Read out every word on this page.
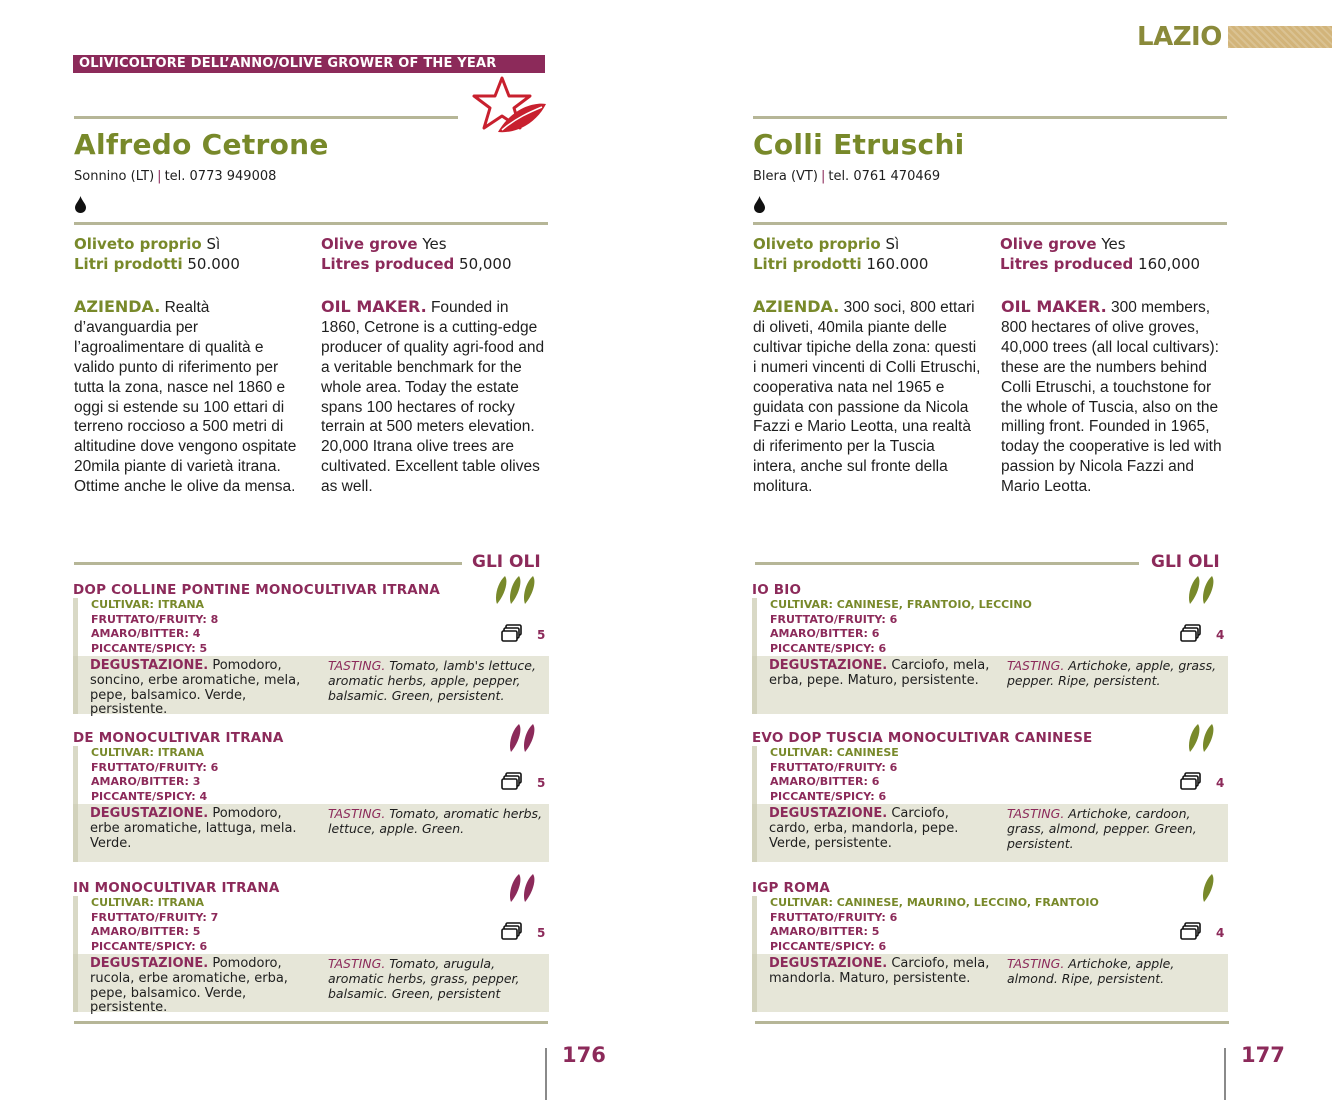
LAZIO
OLIVICOLTORE DELL’ANNO/OLIVE GROWER OF THE YEAR
Alfredo Cetrone
Sonnino (LT) | tel. 0773 949008
Oliveto proprio Sì
Litri prodotti 50.000
Olive grove Yes
Litres produced 50,000
AZIENDA. Realtà d’avanguardia per l’agroalimentare di qualità e valido punto di riferimento per tutta la zona, nasce nel 1860 e oggi si estende su 100 ettari di terreno roccioso a 500 metri di altitudine dove vengono ospitate 20mila piante di varietà itrana. Ottime anche le olive da mensa.
OIL MAKER. Founded in 1860, Cetrone is a cutting-edge producer of quality agri-food and a veritable benchmark for the whole area. Today the estate spans 100 hectares of rocky terrain at 500 meters elevation. 20,000 Itrana olive trees are cultivated. Excellent table olives as well.
GLI OLI
DOP COLLINE PONTINE MONOCULTIVAR ITRANA
CULTIVAR: ITRANA
FRUTTATO/FRUITY: 8
AMARO/BITTER: 4
PICCANTE/SPICY: 5
5
DEGUSTAZIONE. Pomodoro, soncino, erbe aromatiche, mela, pepe, balsamico. Verde, persistente.
TASTING. Tomato, lamb's lettuce, aromatic herbs, apple, pepper, balsamic. Green, persistent.
DE MONOCULTIVAR ITRANA
CULTIVAR: ITRANA
FRUTTATO/FRUITY: 6
AMARO/BITTER: 3
PICCANTE/SPICY: 4
5
DEGUSTAZIONE. Pomodoro, erbe aromatiche, lattuga, mela. Verde.
TASTING. Tomato, aromatic herbs, lettuce, apple. Green.
IN MONOCULTIVAR ITRANA
CULTIVAR: ITRANA
FRUTTATO/FRUITY: 7
AMARO/BITTER: 5
PICCANTE/SPICY: 6
5
DEGUSTAZIONE. Pomodoro, rucola, erbe aromatiche, erba, pepe, balsamico. Verde, persistente.
TASTING. Tomato, arugula, aromatic herbs, grass, pepper, balsamic. Green, persistent
176
Colli Etruschi
Blera (VT) | tel. 0761 470469
Oliveto proprio Sì
Litri prodotti 160.000
Olive grove Yes
Litres produced 160,000
AZIENDA. 300 soci, 800 ettari di oliveti, 40mila piante delle cultivar tipiche della zona: questi i numeri vincenti di Colli Etruschi, cooperativa nata nel 1965 e guidata con passione da Nicola Fazzi e Mario Leotta, una realtà di riferimento per la Tuscia intera, anche sul fronte della molitura.
OIL MAKER. 300 members, 800 hectares of olive groves, 40,000 trees (all local cultivars): these are the numbers behind Colli Etruschi, a touchstone for the whole of Tuscia, also on the milling front. Founded in 1965, today the cooperative is led with passion by Nicola Fazzi and Mario Leotta.
GLI OLI
IO BIO
CULTIVAR: CANINESE, FRANTOIO, LECCINO
FRUTTATO/FRUITY: 6
AMARO/BITTER: 6
PICCANTE/SPICY: 6
4
DEGUSTAZIONE. Carciofo, mela, erba, pepe. Maturo, persistente.
TASTING. Artichoke, apple, grass, pepper. Ripe, persistent.
EVO DOP TUSCIA MONOCULTIVAR CANINESE
CULTIVAR: CANINESE
FRUTTATO/FRUITY: 6
AMARO/BITTER: 6
PICCANTE/SPICY: 6
4
DEGUSTAZIONE. Carciofo, cardo, erba, mandorla, pepe. Verde, persistente.
TASTING. Artichoke, cardoon, grass, almond, pepper. Green, persistent.
IGP ROMA
CULTIVAR: CANINESE, MAURINO, LECCINO, FRANTOIO
FRUTTATO/FRUITY: 6
AMARO/BITTER: 5
PICCANTE/SPICY: 6
4
DEGUSTAZIONE. Carciofo, mela, mandorla. Maturo, persistente.
TASTING. Artichoke, apple, almond. Ripe, persistent.
177
